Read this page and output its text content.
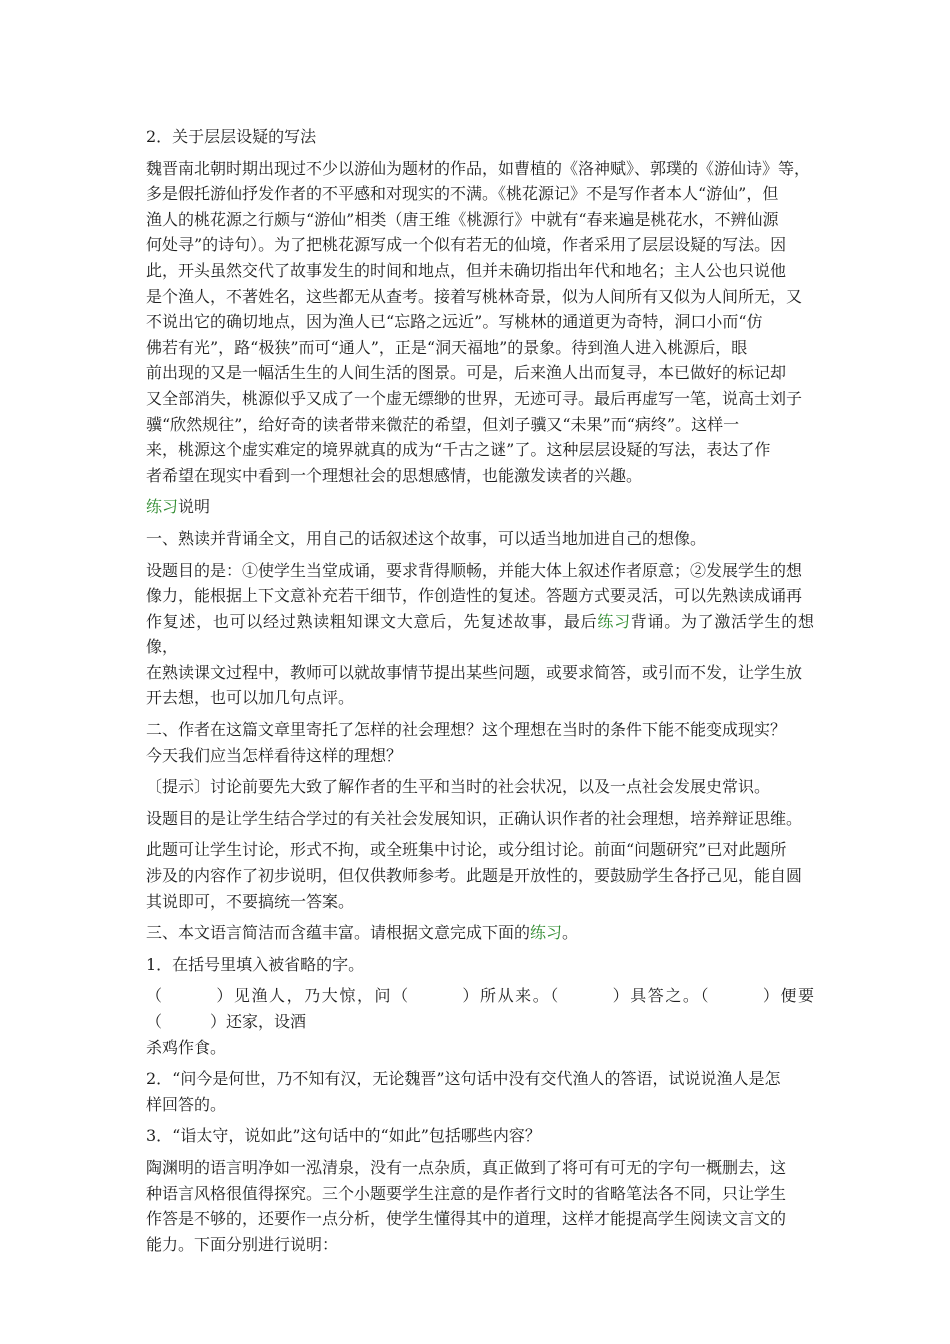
2．关于层层设疑的写法

魏晋南北朝时期出现过不少以游仙为题材的作品，如曹植的《洛神赋》、郭璞的《游仙诗》等，
多是假托游仙抒发作者的不平感和对现实的不满。《桃花源记》不是写作者本人“游仙”，但
渔人的桃花源之行颇与“游仙”相类（唐王维《桃源行》中就有“春来遍是桃花水，不辨仙源
何处寻”的诗句）。为了把桃花源写成一个似有若无的仙境，作者采用了层层设疑的写法。因
此，开头虽然交代了故事发生的时间和地点，但并未确切指出年代和地名；主人公也只说他
是个渔人，不著姓名，这些都无从查考。接着写桃林奇景，似为人间所有又似为人间所无，又
不说出它的确切地点，因为渔人已“忘路之远近”。写桃林的通道更为奇特，洞口小而“仿
佛若有光”，路“极狭”而可“通人”，正是“洞天福地”的景象。待到渔人进入桃源后，眼
前出现的又是一幅活生生的人间生活的图景。可是，后来渔人出而复寻，本已做好的标记却
又全部消失，桃源似乎又成了一个虚无缥缈的世界，无迹可寻。最后再虚写一笔，说高士刘子
骥“欣然规往”，给好奇的读者带来微茫的希望，但刘子骥又“未果”而“病终”。这样一
来，桃源这个虚实难定的境界就真的成为“千古之谜”了。这种层层设疑的写法，表达了作
者希望在现实中看到一个理想社会的思想感情，也能激发读者的兴趣。

练习说明

一、熟读并背诵全文，用自己的话叙述这个故事，可以适当地加进自己的想像。

设题目的是：①使学生当堂成诵，要求背得顺畅，并能大体上叙述作者原意；②发展学生的想
像力，能根据上下文意补充若干细节，作创造性的复述。答题方式要灵活，可以先熟读成诵再
作复述，也可以经过熟读粗知课文大意后，先复述故事，最后练习背诵。为了激活学生的想像，
在熟读课文过程中，教师可以就故事情节提出某些问题，或要求简答，或引而不发，让学生放
开去想，也可以加几句点评。

二、作者在这篇文章里寄托了怎样的社会理想？这个理想在当时的条件下能不能变成现实？
今天我们应当怎样看待这样的理想？

〔提示〕讨论前要先大致了解作者的生平和当时的社会状况，以及一点社会发展史常识。

设题目的是让学生结合学过的有关社会发展知识，正确认识作者的社会理想，培养辩证思维。

此题可让学生讨论，形式不拘，或全班集中讨论，或分组讨论。前面“问题研究”已对此题所
涉及的内容作了初步说明，但仅供教师参考。此题是开放性的，要鼓励学生各抒己见，能自圆
其说即可，不要搞统一答案。

三、本文语言简洁而含蕴丰富。请根据文意完成下面的练习。

1．在括号里填入被省略的字。

（　　　）见渔人，乃大惊，问（　　　）所从来。（　　　）具答之。（　　　）便要（　　　）还家，设酒
杀鸡作食。

2．“问今是何世，乃不知有汉，无论魏晋”这句话中没有交代渔人的答语，试说说渔人是怎
样回答的。

3．“诣太守，说如此”这句话中的“如此”包括哪些内容？

陶渊明的语言明净如一泓清泉，没有一点杂质，真正做到了将可有可无的字句一概删去，这
种语言风格很值得探究。三个小题要学生注意的是作者行文时的省略笔法各不同，只让学生
作答是不够的，还要作一点分析，使学生懂得其中的道理，这样才能提高学生阅读文言文的
能力。下面分别进行说明：
